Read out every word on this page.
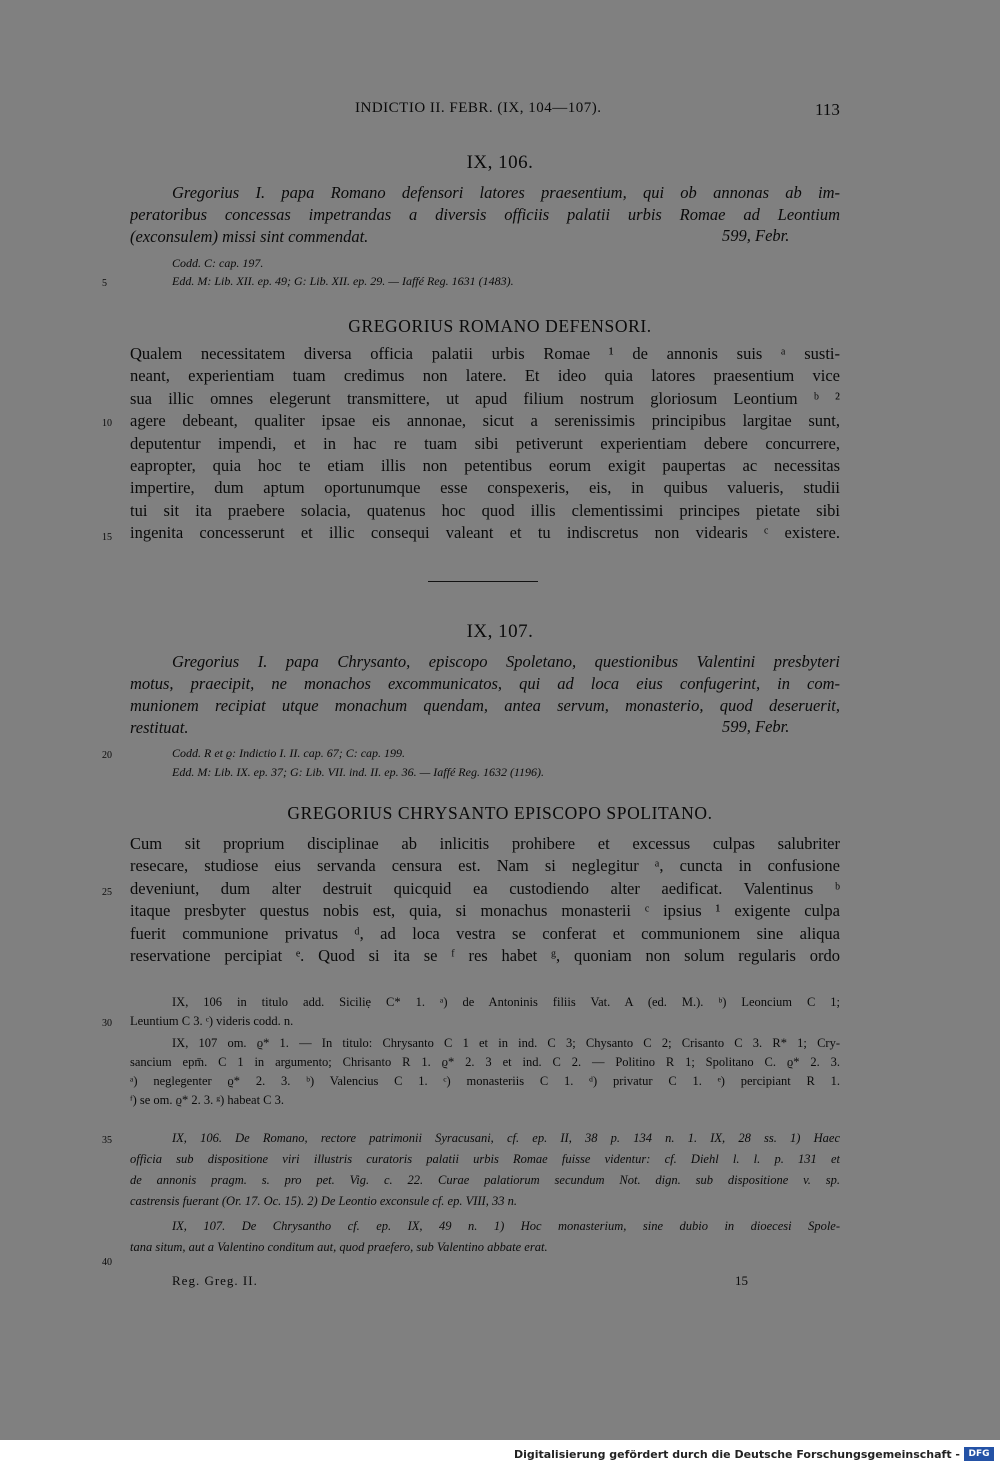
INDICTIO II. FEBR. (IX, 104—107).	113
IX, 106.
Gregorius I. papa Romano defensori latores praesentium, qui ob annonas ab im-
peratoribus concessas impetrandas a diversis officiis palatii urbis Romae ad Leontium
(exconsulem) missi sint commendat.	599, Febr.
Codd. C: cap. 197.
Edd. M: Lib. XII. ep. 49; G: Lib. XII. ep. 29. — Iaffé Reg. 1631 (1483).
GREGORIUS ROMANO DEFENSORI.
Qualem necessitatem diversa officia palatii urbis Romae ¹ de annonis suis ᵃ susti-
neant, experientiam tuam credimus non latere. Et ideo quia latores praesentium vice
sua illic omnes elegerunt transmittere, ut apud filium nostrum gloriosum Leontium ᵇ ²
agere debeant, qualiter ipsae eis annonae, sicut a serenissimis principibus largitae sunt,
deputentur impendi, et in hac re tuam sibi petiverunt experientiam debere concurrere,
eapropter, quia hoc te etiam illis non petentibus eorum exigit paupertas ac necessitas
impertire, dum aptum oportunumque esse conspexeris, eis, in quibus valueris, studii
tui sit ita praebere solacia, quatenus hoc quod illis clementissimi principes pietate sibi
ingenita concesserunt et illic consequi valeant et tu indiscretus non videaris ᶜ existere.
IX, 107.
Gregorius I. papa Chrysanto, episcopo Spoletano, questionibus Valentini presbyteri
motus, praecipit, ne monachos excommunicatos, qui ad loca eius confugerint, in com-
munionem recipiat utque monachum quendam, antea servum, monasterio, quod deseruerit,
restituat.	599, Febr.
Codd. R et ϱ: Indictio I. II. cap. 67; C: cap. 199.
Edd. M: Lib. IX. ep. 37; G: Lib. VII. ind. II. ep. 36. — Iaffé Reg. 1632 (1196).
GREGORIUS CHRYSANTO EPISCOPO SPOLITANO.
Cum sit proprium disciplinae ab inlicitis prohibere et excessus culpas salubriter
resecare, studiose eius servanda censura est. Nam si neglegitur ᵃ, cuncta in confusione
deveniunt, dum alter destruit quicquid ea custodiendo alter aedificat. Valentinus ᵇ
itaque presbyter questus nobis est, quia, si monachus monasterii ᶜ ipsius ¹ exigente culpa
fuerit communione privatus ᵈ, ad loca vestra se conferat et communionem sine aliqua
reservatione percipiat ᵉ. Quod si ita se ᶠ res habet ᵍ, quoniam non solum regularis ordo
IX, 106 in titulo add. Siciliẹ C* 1. ᵃ) de Antoninis filiis Vat. A (ed. M.). ᵇ) Leoncium C 1;
Leuntium C 3. ᶜ) videris codd. n.
IX, 107 om. ϱ* 1. — In titulo: Chrysanto C 1 et in ind. C 3; Chysanto C 2; Crisanto C 3. R* 1; Cry-
sancium epm̄. C 1 in argumento; Chrisanto R 1. ϱ* 2. 3 et ind. C 2. — Politino R 1; Spolitano C. ϱ* 2. 3.
ᵃ) neglegenter ϱ* 2. 3. ᵇ) Valencius C 1. ᶜ) monasteriis C 1. ᵈ) privatur C 1. ᵉ) percipiant R 1.
ᶠ) se om. ϱ* 2. 3. ᵍ) habeat C 3.
IX, 106. De Romano, rectore patrimonii Syracusani, cf. ep. II, 38 p. 134 n. 1. IX, 28 ss. 1) Haec
officia sub dispositione viri illustris curatoris palatii urbis Romae fuisse videntur: cf. Diehl l. l. p. 131 et
de annonis pragm. s. pro pet. Vig. c. 22. Curae palatiorum secundum Not. dign. sub dispositione v. sp.
castrensis fuerant (Or. 17. Oc. 15). 2) De Leontio exconsule cf. ep. VIII, 33 n.
IX, 107. De Chrysantho cf. ep. IX, 49 n. 1) Hoc monasterium, sine dubio in dioecesi Spole-
tana situm, aut a Valentino conditum aut, quod praefero, sub Valentino abbate erat.
Reg. Greg. II.	15
5
10
15
20
25
30
35
40
Digitalisierung gefördert durch die Deutsche Forschungsgemeinschaft - DFG
